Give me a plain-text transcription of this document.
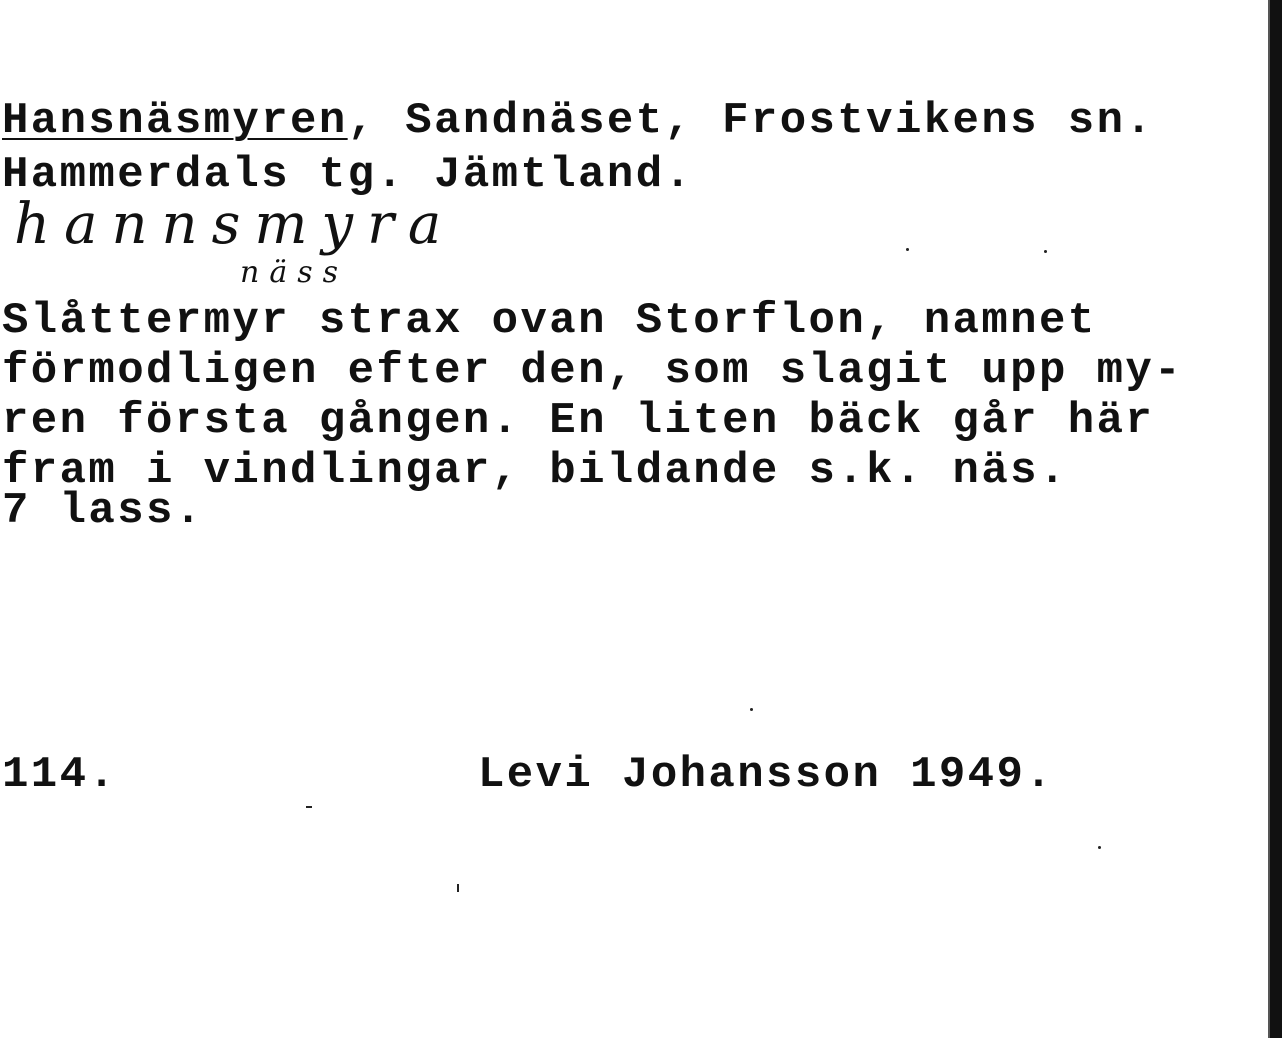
Hansnäsmyren, Sandnäset, Frostvikens sn.

Hammerdals tg. Jämtland.

hannsmyra
näss

Slåttermyr strax ovan Storflon, namnet
förmodligen efter den, som slagit upp my-
ren första gången. En liten bäck går här
fram i vindlingar, bildande s.k. näs.
7 lass.

114.	Levi Johansson 1949.
